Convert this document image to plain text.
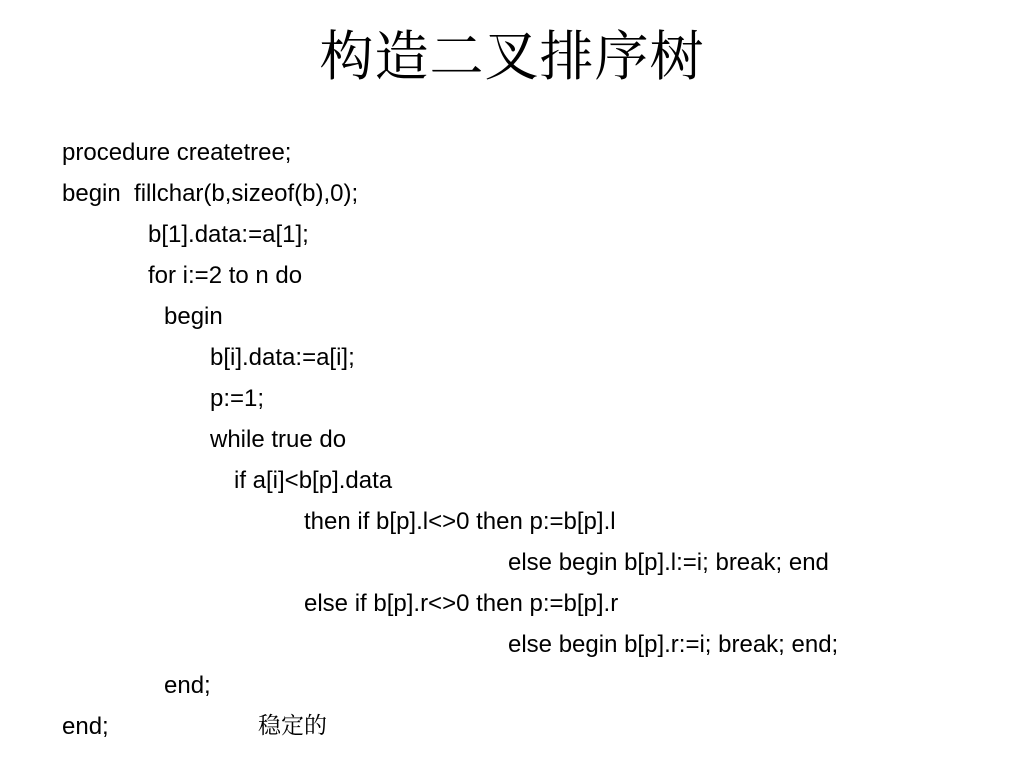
构造二叉排序树
procedure createtree;
begin  fillchar(b,sizeof(b),0);
b[1].data:=a[1];
for i:=2 to n do
begin
b[i].data:=a[i];
p:=1;
while true do
if a[i]<b[p].data
then if b[p].l<>0 then p:=b[p].l
else begin b[p].l:=i; break; end
else if b[p].r<>0 then p:=b[p].r
else begin b[p].r:=i; break; end;
end;
end;	稳定的
